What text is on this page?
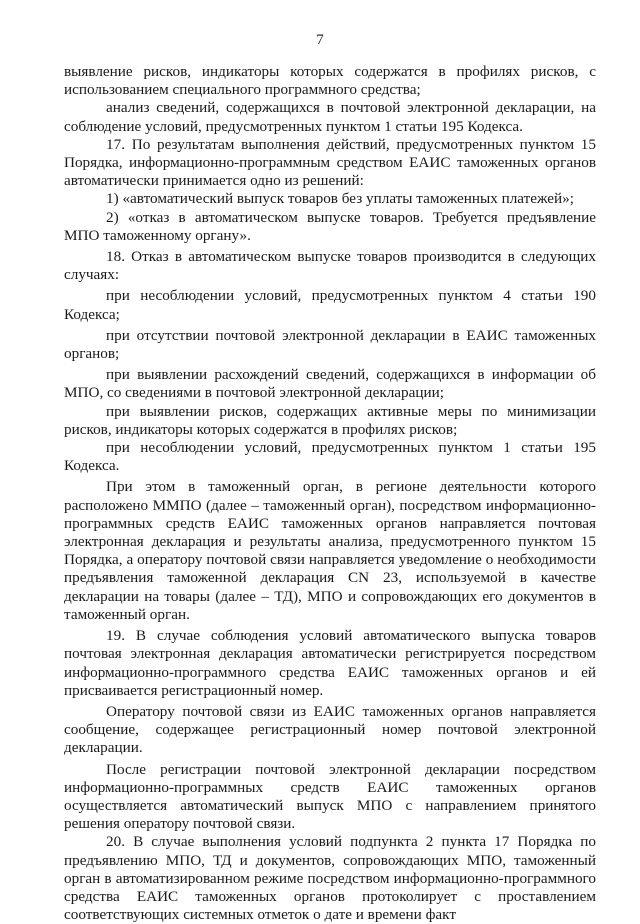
7

выявление рисков, индикаторы которых содержатся в профилях рисков, с использованием специального программного средства;

анализ сведений, содержащихся в почтовой электронной декларации, на соблюдение условий, предусмотренных пунктом 1 статьи 195 Кодекса.

17. По результатам выполнения действий, предусмотренных пунктом 15 Порядка, информационно-программным средством ЕАИС таможенных органов автоматически принимается одно из решений:

1) «автоматический выпуск товаров без уплаты таможенных платежей»;

2) «отказ в автоматическом выпуске товаров. Требуется предъявление МПО таможенному органу».

18. Отказ в автоматическом выпуске товаров производится в следующих случаях:

при несоблюдении условий, предусмотренных пунктом 4 статьи 190 Кодекса;

при отсутствии почтовой электронной декларации в ЕАИС таможенных органов;

при выявлении расхождений сведений, содержащихся в информации об МПО, со сведениями в почтовой электронной декларации;

при выявлении рисков, содержащих активные меры по минимизации рисков, индикаторы которых содержатся в профилях рисков;

при несоблюдении условий, предусмотренных пунктом 1 статьи 195 Кодекса.

При этом в таможенный орган, в регионе деятельности которого расположено ММПО (далее – таможенный орган), посредством информационно-программных средств ЕАИС таможенных органов направляется почтовая электронная декларация и результаты анализа, предусмотренного пунктом 15 Порядка, а оператору почтовой связи направляется уведомление о необходимости предъявления таможенной декларация CN 23, используемой в качестве декларации на товары (далее – ТД), МПО и сопровождающих его документов в таможенный орган.

19. В случае соблюдения условий автоматического выпуска товаров почтовая электронная декларация автоматически регистрируется посредством информационно-программного средства ЕАИС таможенных органов и ей присваивается регистрационный номер.

Оператору почтовой связи из ЕАИС таможенных органов направляется сообщение, содержащее регистрационный номер почтовой электронной декларации.

После регистрации почтовой электронной декларации посредством информационно-программных средств ЕАИС таможенных органов осуществляется автоматический выпуск МПО с направлением принятого решения оператору почтовой связи.

20. В случае выполнения условий подпункта 2 пункта 17 Порядка по предъявлению МПО, ТД и документов, сопровождающих МПО, таможенный орган в автоматизированном режиме посредством информационно-программного средства ЕАИС таможенных органов протоколирует с проставлением соответствующих системных отметок о дате и времени факт
